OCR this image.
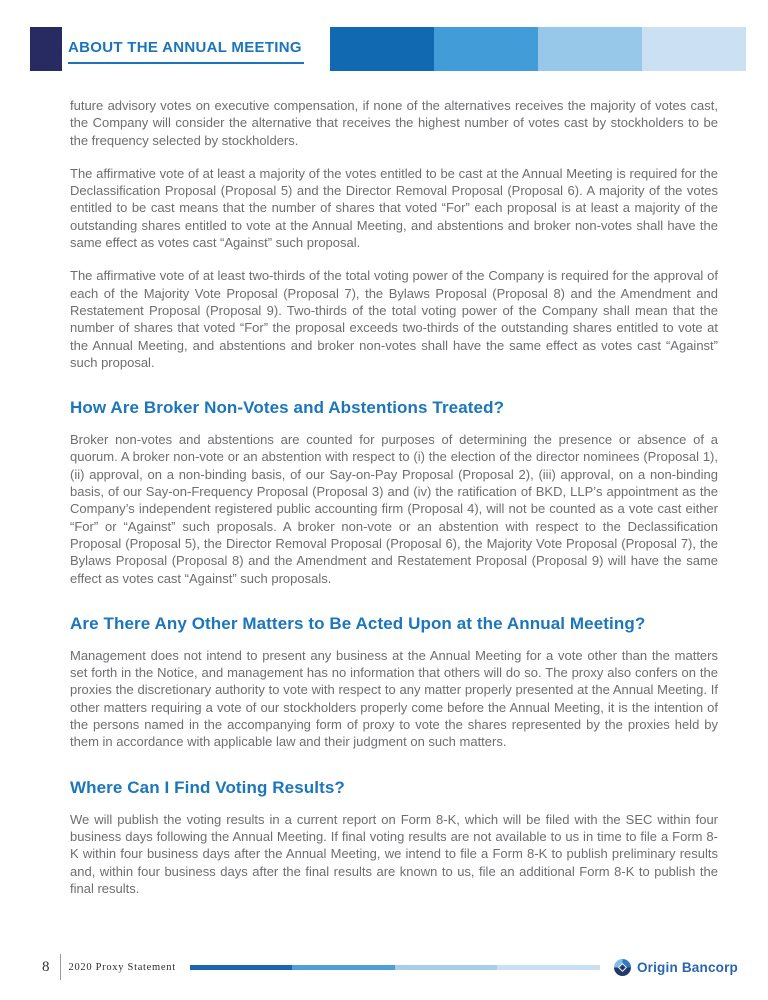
ABOUT THE ANNUAL MEETING

future advisory votes on executive compensation, if none of the alternatives receives the majority of votes cast, the Company will consider the alternative that receives the highest number of votes cast by stockholders to be the frequency selected by stockholders.

The affirmative vote of at least a majority of the votes entitled to be cast at the Annual Meeting is required for the Declassification Proposal (Proposal 5) and the Director Removal Proposal (Proposal 6). A majority of the votes entitled to be cast means that the number of shares that voted “For” each proposal is at least a majority of the outstanding shares entitled to vote at the Annual Meeting, and abstentions and broker non-votes shall have the same effect as votes cast “Against” such proposal.

The affirmative vote of at least two-thirds of the total voting power of the Company is required for the approval of each of the Majority Vote Proposal (Proposal 7), the Bylaws Proposal (Proposal 8) and the Amendment and Restatement Proposal (Proposal 9). Two-thirds of the total voting power of the Company shall mean that the number of shares that voted “For” the proposal exceeds two-thirds of the outstanding shares entitled to vote at the Annual Meeting, and abstentions and broker non-votes shall have the same effect as votes cast “Against” such proposal.

How Are Broker Non-Votes and Abstentions Treated?

Broker non-votes and abstentions are counted for purposes of determining the presence or absence of a quorum. A broker non-vote or an abstention with respect to (i) the election of the director nominees (Proposal 1), (ii) approval, on a non-binding basis, of our Say-on-Pay Proposal (Proposal 2), (iii) approval, on a non-binding basis, of our Say-on-Frequency Proposal (Proposal 3) and (iv) the ratification of BKD, LLP’s appointment as the Company’s independent registered public accounting firm (Proposal 4), will not be counted as a vote cast either “For” or “Against” such proposals. A broker non-vote or an abstention with respect to the Declassification Proposal (Proposal 5), the Director Removal Proposal (Proposal 6), the Majority Vote Proposal (Proposal 7), the Bylaws Proposal (Proposal 8) and the Amendment and Restatement Proposal (Proposal 9) will have the same effect as votes cast “Against” such proposals.

Are There Any Other Matters to Be Acted Upon at the Annual Meeting?

Management does not intend to present any business at the Annual Meeting for a vote other than the matters set forth in the Notice, and management has no information that others will do so. The proxy also confers on the proxies the discretionary authority to vote with respect to any matter properly presented at the Annual Meeting. If other matters requiring a vote of our stockholders properly come before the Annual Meeting, it is the intention of the persons named in the accompanying form of proxy to vote the shares represented by the proxies held by them in accordance with applicable law and their judgment on such matters.

Where Can I Find Voting Results?

We will publish the voting results in a current report on Form 8-K, which will be filed with the SEC within four business days following the Annual Meeting. If final voting results are not available to us in time to file a Form 8-K within four business days after the Annual Meeting, we intend to file a Form 8-K to publish preliminary results and, within four business days after the final results are known to us, file an additional Form 8-K to publish the final results.

8 2020 Proxy Statement	Origin Bancorp
